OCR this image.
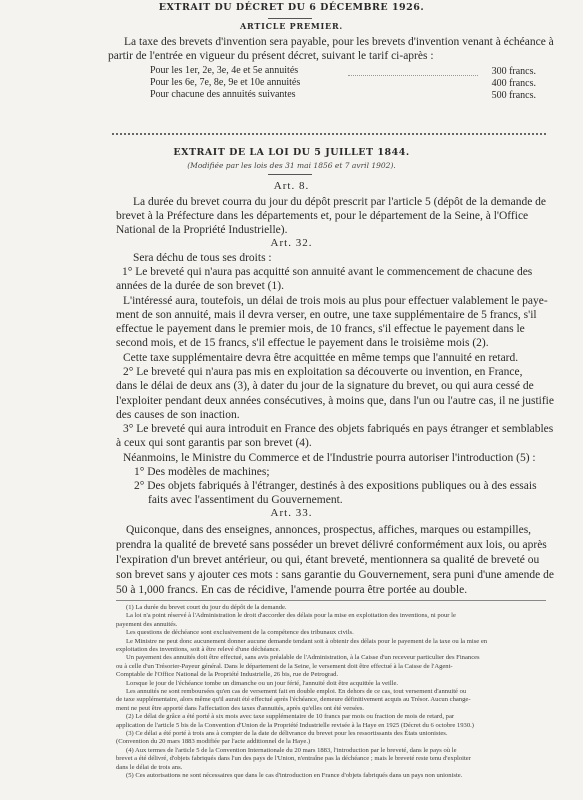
EXTRAIT DU DÉCRET DU 6 DÉCEMBRE 1926.
ARTICLE PREMIER.
La taxe des brevets d'invention sera payable, pour les brevets d'invention venant à échéance à
partir de l'entrée en vigueur du présent décret, suivant le tarif ci-après :
Pour les 1er, 2e, 3e, 4e et 5e annuités	300 francs.
Pour les 6e, 7e, 8e, 9e et 10e annuités	400 francs.
Pour chacune des annuités suivantes	500 francs.
EXTRAIT DE LA LOI DU 5 JUILLET 1844.
(Modifiée par les lois des 31 mai 1856 et 7 avril 1902).
Art. 8.
La durée du brevet courra du jour du dépôt prescrit par l'article 5 (dépôt de la demande de
brevet à la Préfecture dans les départements et, pour le département de la Seine, à l'Office
National de la Propriété Industrielle).
Art. 32.
Sera déchu de tous ses droits :
1° Le breveté qui n'aura pas acquitté son annuité avant le commencement de chacune des
années de la durée de son brevet (1).
L'intéressé aura, toutefois, un délai de trois mois au plus pour effectuer valablement le paye-
ment de son annuité, mais il devra verser, en outre, une taxe supplémentaire de 5 francs, s'il
effectue le payement dans le premier mois, de 10 francs, s'il effectue le payement dans le
second mois, et de 15 francs, s'il effectue le payement dans le troisième mois (2).
Cette taxe supplémentaire devra être acquittée en même temps que l'annuité en retard.
2° Le breveté qui n'aura pas mis en exploitation sa découverte ou invention, en France,
dans le délai de deux ans (3), à dater du jour de la signature du brevet, ou qui aura cessé de
l'exploiter pendant deux années consécutives, à moins que, dans l'un ou l'autre cas, il ne justifie
des causes de son inaction.
3° Le breveté qui aura introduit en France des objets fabriqués en pays étranger et semblables
à ceux qui sont garantis par son brevet (4).
Néanmoins, le Ministre du Commerce et de l'Industrie pourra autoriser l'introduction (5) :
1° Des modèles de machines;
2° Des objets fabriqués à l'étranger, destinés à des expositions publiques ou à des essais
faits avec l'assentiment du Gouvernement.
Art. 33.
Quiconque, dans des enseignes, annonces, prospectus, affiches, marques ou estampilles,
prendra la qualité de breveté sans posséder un brevet délivré conformément aux lois, ou après
l'expiration d'un brevet antérieur, ou qui, étant breveté, mentionnera sa qualité de breveté ou
son brevet sans y ajouter ces mots : sans garantie du Gouvernement, sera puni d'une amende de
50 à 1,000 francs. En cas de récidive, l'amende pourra être portée au double.
(1) La durée du brevet court du jour du dépôt de la demande.
La loi n'a point réservé à l'Administration le droit d'accorder des délais pour la mise en exploitation des inventions, ni pour le
payement des annuités.
Les questions de déchéance sont exclusivement de la compétence des tribunaux civils.
Le Ministre ne peut donc aucunement donner aucune demande tendant soit à obtenir des délais pour le payement de la taxe ou la mise en
exploitation des inventions, soit à être relevé d'une déchéance.
Un payement des annuités doit être effectué, sans avis préalable de l'Administration, à la Caisse d'un receveur particulier des Finances
ou à celle d'un Trésorier-Payeur général. Dans le département de la Seine, le versement doit être effectué à la Caisse de l'Agent-
Comptable de l'Office National de la Propriété Industrielle, 26 bis, rue de Petrograd.
Lorsque le jour de l'échéance tombe un dimanche ou un jour férié, l'annuité doit être acquittée la veille.
Les annuités ne sont remboursées qu'en cas de versement fait en double emploi. En dehors de ce cas, tout versement d'annuité ou
de taxe supplémentaire, alors même qu'il aurait été effectué après l'échéance, demeure définitivement acquis au Trésor. Aucun change-
ment ne peut être apporté dans l'affectation des taxes d'annuités, après qu'elles ont été versées.
(2) Le délai de grâce a été porté à six mois avec taxe supplémentaire de 10 francs par mois ou fraction de mois de retard, par
application de l'article 5 bis de la Convention d'Union de la Propriété Industrielle revisée à la Haye en 1925 (Décret du 6 octobre 1930.)
(3) Ce délai a été porté à trois ans à compter de la date de délivrance du brevet pour les ressortissants des États unionistes.
(Convention du 20 mars 1883 modifiée par l'acte additionnel de la Haye.)
(4) Aux termes de l'article 5 de la Convention Internationale du 20 mars 1883, l'introduction par le breveté, dans le pays où le
brevet a été délivré, d'objets fabriqués dans l'un des pays de l'Union, n'entraîne pas la déchéance ; mais le breveté reste tenu d'exploiter
dans le délai de trois ans.
(5) Ces autorisations ne sont nécessaires que dans le cas d'introduction en France d'objets fabriqués dans un pays non unioniste.
